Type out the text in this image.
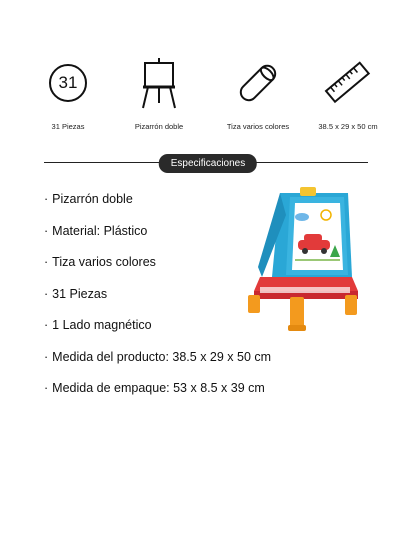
31
31 Piezas	Pizarrón doble	Tiza varios colores	38.5 x 29 x 50 cm
Especificaciones
· Pizarrón doble
· Material: Plástico
· Tiza varios colores
· 31 Piezas
· 1 Lado magnético
· Medida del producto: 38.5 x 29 x 50 cm
· Medida de empaque: 53 x 8.5 x 39 cm
